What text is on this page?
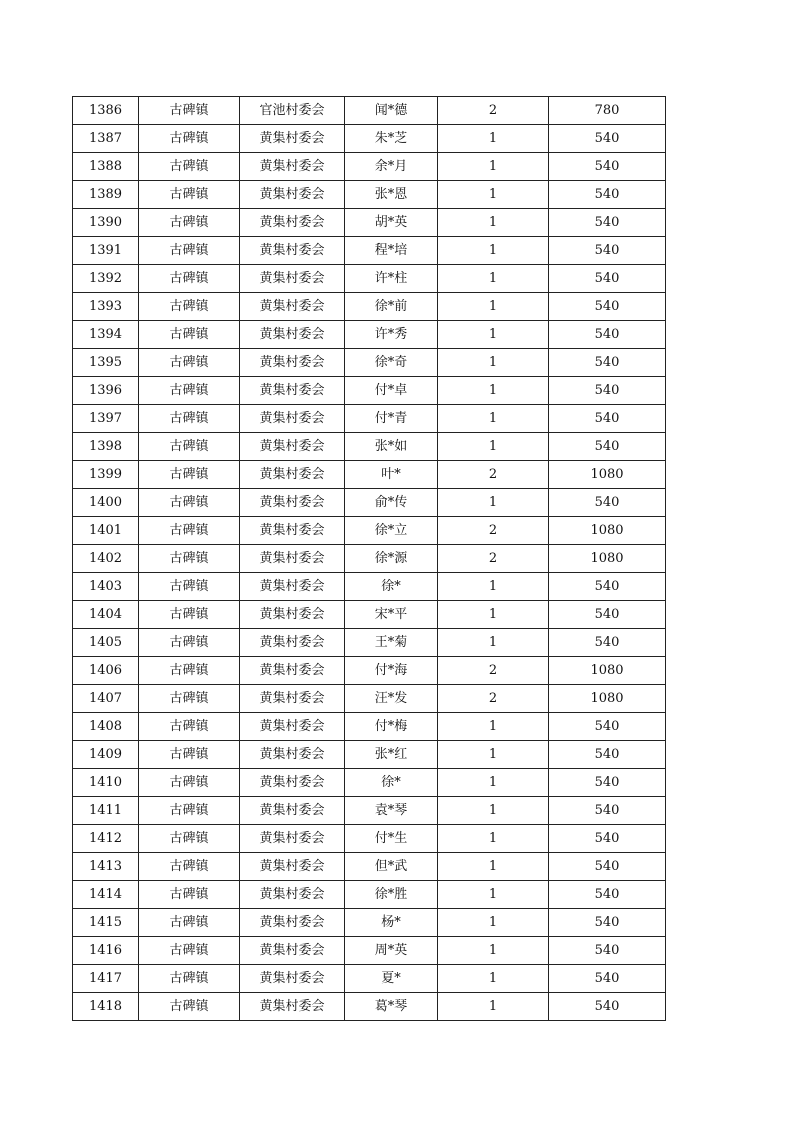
1386	古碑镇	官池村委会	闻*德	2	780
1387	古碑镇	黄集村委会	朱*芝	1	540
1388	古碑镇	黄集村委会	余*月	1	540
1389	古碑镇	黄集村委会	张*恩	1	540
1390	古碑镇	黄集村委会	胡*英	1	540
1391	古碑镇	黄集村委会	程*培	1	540
1392	古碑镇	黄集村委会	许*柱	1	540
1393	古碑镇	黄集村委会	徐*前	1	540
1394	古碑镇	黄集村委会	许*秀	1	540
1395	古碑镇	黄集村委会	徐*奇	1	540
1396	古碑镇	黄集村委会	付*卓	1	540
1397	古碑镇	黄集村委会	付*青	1	540
1398	古碑镇	黄集村委会	张*如	1	540
1399	古碑镇	黄集村委会	叶*	2	1080
1400	古碑镇	黄集村委会	俞*传	1	540
1401	古碑镇	黄集村委会	徐*立	2	1080
1402	古碑镇	黄集村委会	徐*源	2	1080
1403	古碑镇	黄集村委会	徐*	1	540
1404	古碑镇	黄集村委会	宋*平	1	540
1405	古碑镇	黄集村委会	王*菊	1	540
1406	古碑镇	黄集村委会	付*海	2	1080
1407	古碑镇	黄集村委会	汪*发	2	1080
1408	古碑镇	黄集村委会	付*梅	1	540
1409	古碑镇	黄集村委会	张*红	1	540
1410	古碑镇	黄集村委会	徐*	1	540
1411	古碑镇	黄集村委会	袁*琴	1	540
1412	古碑镇	黄集村委会	付*生	1	540
1413	古碑镇	黄集村委会	但*武	1	540
1414	古碑镇	黄集村委会	徐*胜	1	540
1415	古碑镇	黄集村委会	杨*	1	540
1416	古碑镇	黄集村委会	周*英	1	540
1417	古碑镇	黄集村委会	夏*	1	540
1418	古碑镇	黄集村委会	葛*琴	1	540
